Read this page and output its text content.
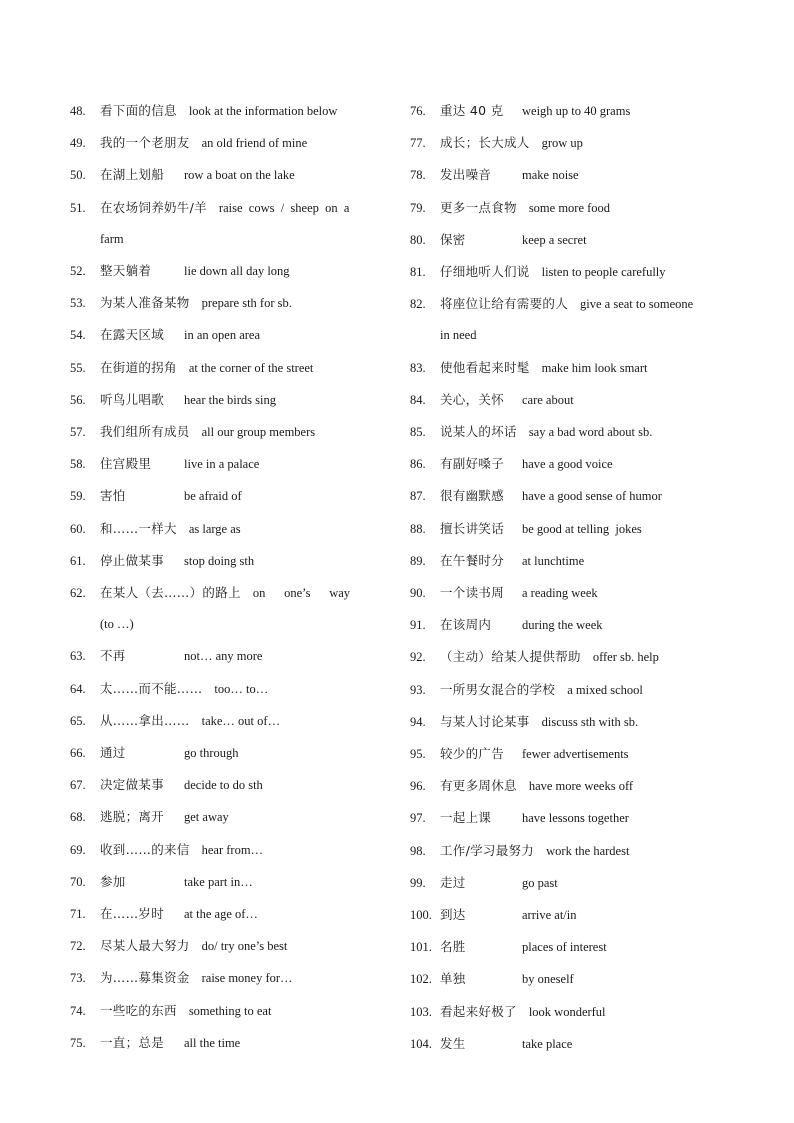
48.	看下面的信息 look at the information below
49.	我的一个老朋友 an old friend of mine
50.	在湖上划船 row a boat on the lake
51.	在农场饲养奶牛/羊 raise  cows  /  sheep  on  a
farm
52.	整天躺着	lie down all day long
53.	为某人准备某物 prepare sth for sb.
54.	在露天区域 in an open area
55.	在街道的拐角 at the corner of the street
56.	听鸟儿唱歌 hear the birds sing
57.	我们组所有成员 all our group members
58.	住宫殿里	live in a palace
59.	害怕	be afraid of
60.	和……一样大 as large as
61.	停止做某事 stop doing sth
62.	在某人（去……）的路上 on      one’s      way
(to …)
63.	不再	not… any more
64.	太……而不能…… too… to…
65.	从……拿出…… take… out of…
66.	通过	go through
67.	决定做某事 decide to do sth
68.	逃脱；离开 get away
69.	收到……的来信 hear from…
70.	参加	take part in…
71.	在……岁时 at the age of…
72.	尽某人最大努力 do/ try one’s best
73.	为……募集资金 raise money for…
74.	一些吃的东西 something to eat
75.	一直；总是 all the time
76.	重达 40 克 weigh up to 40 grams
77.	成长；长大成人 grow up
78.	发出噪音 make noise
79.	更多一点食物 some more food
80.	保密	keep a secret
81.	仔细地听人们说 listen to people carefully
82.	将座位让给有需要的人 give a seat to someone
in need
83.	使他看起来时髦 make him look smart
84.	关心，关怀 care about
85.	说某人的坏话 say a bad word about sb.
86.	有副好嗓子 have a good voice
87.	很有幽默感 have a good sense of humor
88.	擅长讲笑话 be good at telling  jokes
89.	在午餐时分 at lunchtime
90.	一个读书周 a reading week
91.	在该周内 during the week
92.	（主动）给某人提供帮助 offer sb. help
93.	一所男女混合的学校 a mixed school
94.	与某人讨论某事 discuss sth with sb.
95.	较少的广告 fewer advertisements
96.	有更多周休息 have more weeks off
97.	一起上课 have lessons together
98.	工作/学习最努力 work the hardest
99.	走过	go past
100. 到达	arrive at/in
101. 名胜	places of interest
102. 单独	by oneself
103. 看起来好极了 look wonderful
104. 发生	take place
